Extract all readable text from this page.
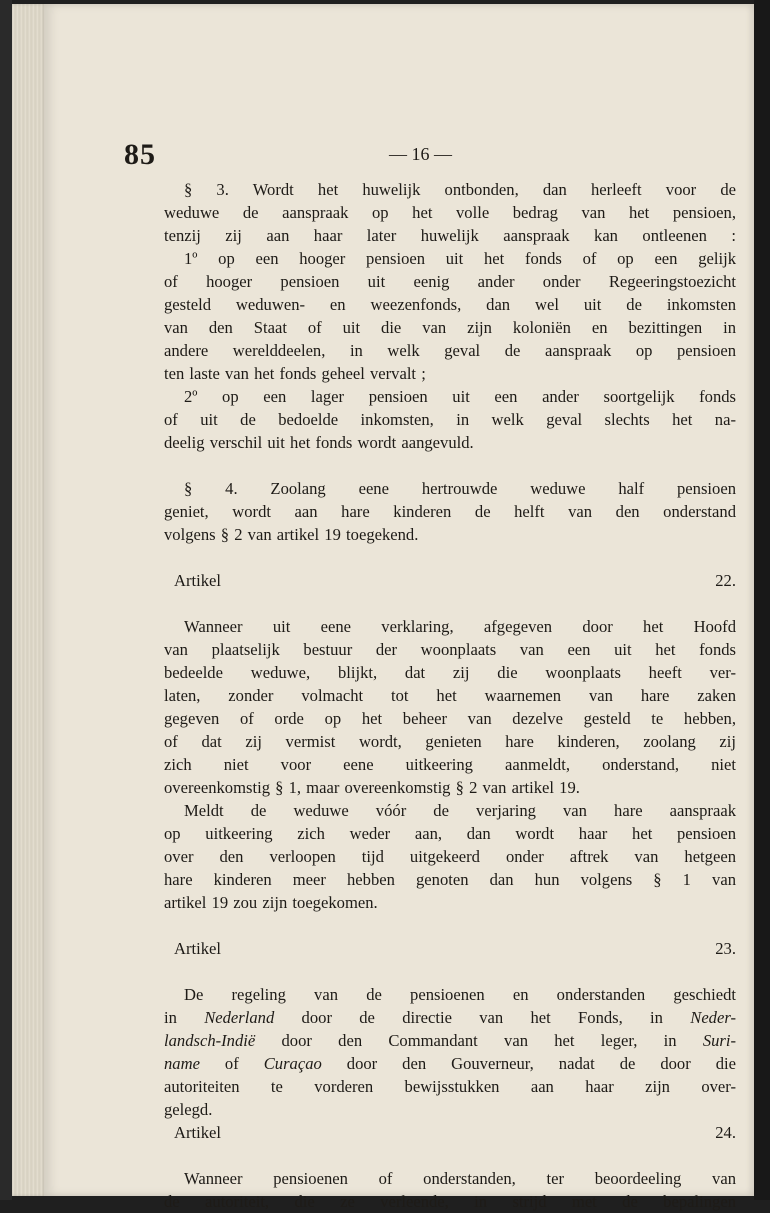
85	— 16 —

§ 3. Wordt het huwelijk ontbonden, dan herleeft voor de

weduwe de aanspraak op het volle bedrag van het pensioen,

tenzij zij aan haar later huwelijk aanspraak kan ontleenen :

1º op een hooger pensioen uit het fonds of op een gelijk

of hooger pensioen uit eenig ander onder Regeeringstoezicht

gesteld weduwen- en weezenfonds, dan wel uit de inkomsten

van den Staat of uit die van zijn koloniën en bezittingen in

andere werelddeelen, in welk geval de aanspraak op pensioen

ten laste van het fonds geheel vervalt ;

2º op een lager pensioen uit een ander soortgelijk fonds

of uit de bedoelde inkomsten, in welk geval slechts het na-

deelig verschil uit het fonds wordt aangevuld.

§ 4. Zoolang eene hertrouwde weduwe half pensioen

geniet, wordt aan hare kinderen de helft van den onderstand

volgens § 2 van artikel 19 toegekend.

Artikel 22.

Wanneer uit eene verklaring, afgegeven door het Hoofd

van plaatselijk bestuur der woonplaats van een uit het fonds

bedeelde weduwe, blijkt, dat zij die woonplaats heeft ver-

laten, zonder volmacht tot het waarnemen van hare zaken

gegeven of orde op het beheer van dezelve gesteld te hebben,

of dat zij vermist wordt, genieten hare kinderen, zoolang zij

zich niet voor eene uitkeering aanmeldt, onderstand, niet

overeenkomstig § 1, maar overeenkomstig § 2 van artikel 19.

Meldt de weduwe vóór de verjaring van hare aanspraak

op uitkeering zich weder aan, dan wordt haar het pensioen

over den verloopen tijd uitgekeerd onder aftrek van hetgeen

hare kinderen meer hebben genoten dan hun volgens § 1 van

artikel 19 zou zijn toegekomen.

Artikel 23.

De regeling van de pensioenen en onderstanden geschiedt

in Nederland door de directie van het Fonds, in Neder-

landsch-Indië door den Commandant van het leger, in Suri-

name of Curaçao door den Gouverneur, nadat de door die

autoriteiten te vorderen bewijsstukken aan haar zijn over-

gelegd.

Artikel 24.

Wanneer pensioenen of onderstanden, ter beoordeeling van

de autoriteit, die ze verleende, in strijd met de bepalingen
